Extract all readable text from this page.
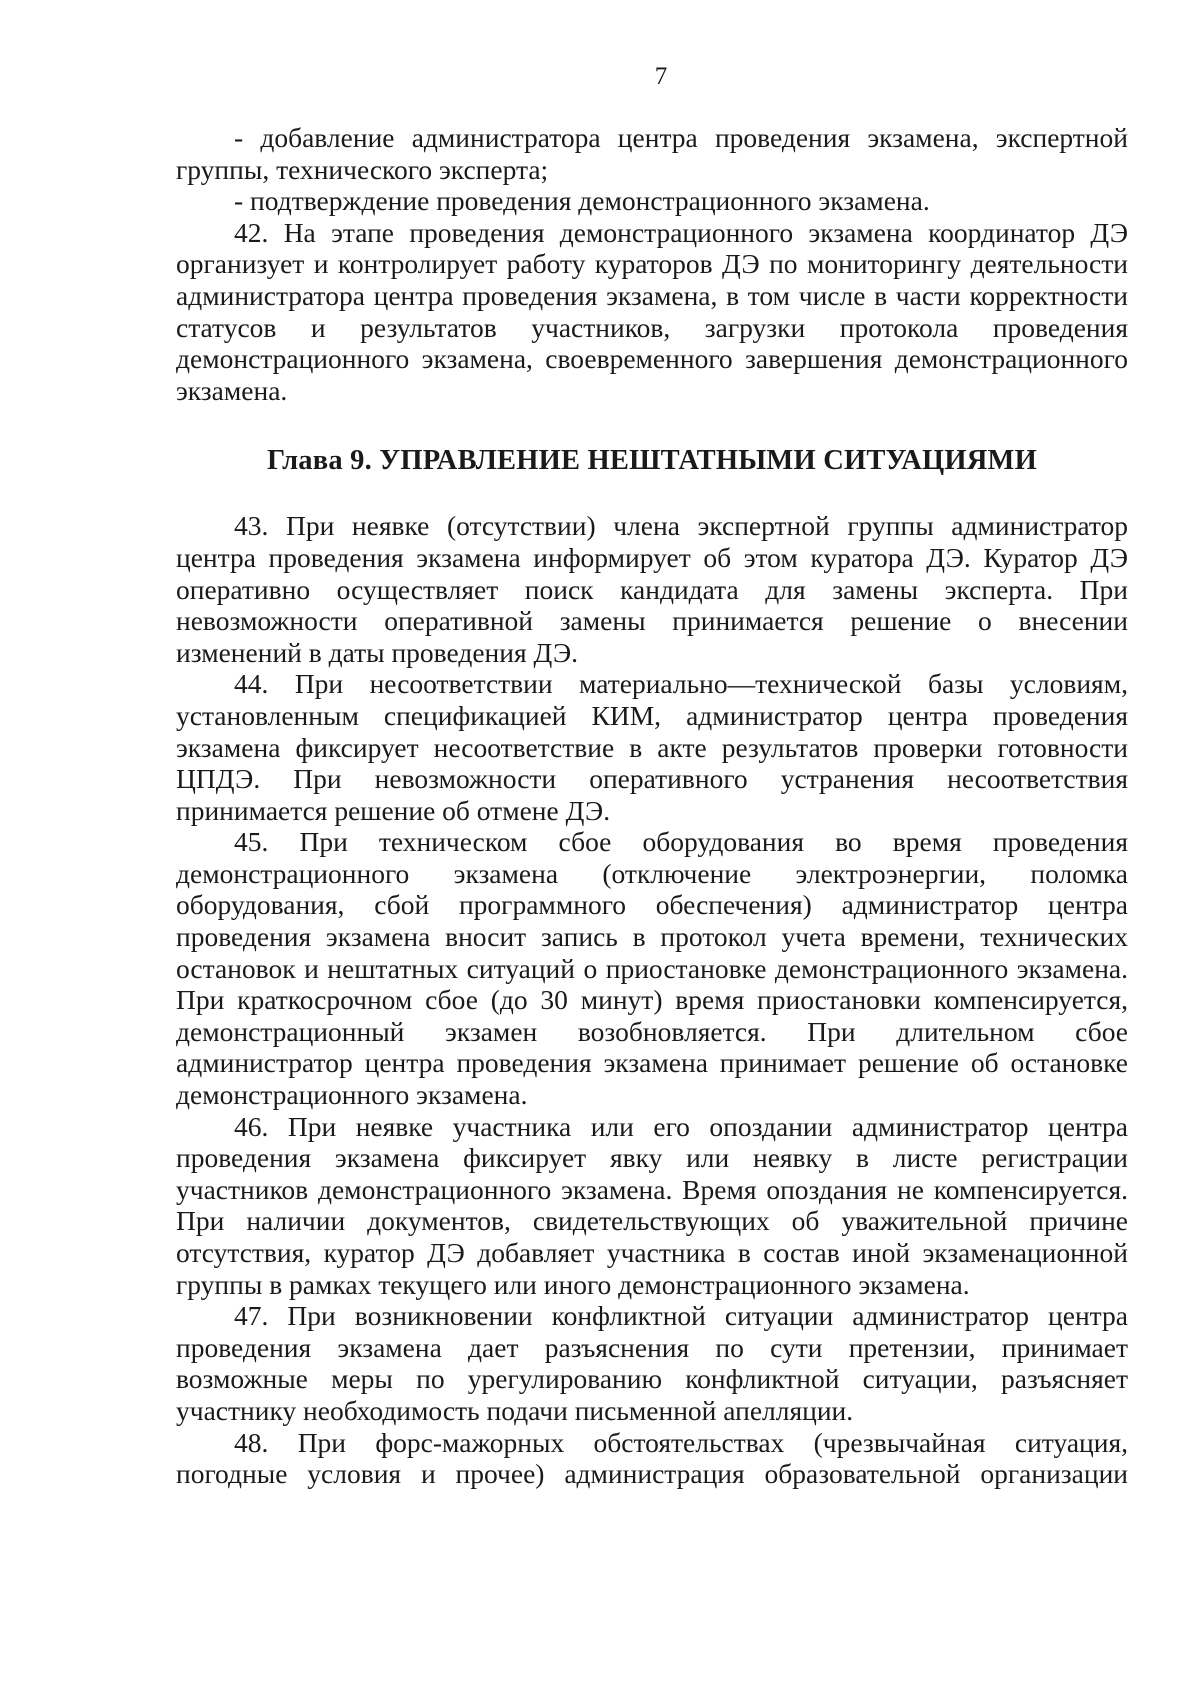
7

- добавление администратора центра проведения экзамена, экспертной группы, технического эксперта;

- подтверждение проведения демонстрационного экзамена.

42. На этапе проведения демонстрационного экзамена координатор ДЭ организует и контролирует работу кураторов ДЭ по мониторингу деятельности администратора центра проведения экзамена, в том числе в части корректности статусов и результатов участников, загрузки протокола проведения демонстрационного экзамена, своевременного завершения демонстрационного экзамена.

Глава 9. УПРАВЛЕНИЕ НЕШТАТНЫМИ СИТУАЦИЯМИ

43. При неявке (отсутствии) члена экспертной группы администратор центра проведения экзамена информирует об этом куратора ДЭ. Куратор ДЭ оперативно осуществляет поиск кандидата для замены эксперта. При невозможности оперативной замены принимается решение о внесении изменений в даты проведения ДЭ.

44. При несоответствии материально—технической базы условиям, установленным спецификацией КИМ, администратор центра проведения экзамена фиксирует несоответствие в акте результатов проверки готовности ЦПДЭ. При невозможности оперативного устранения несоответствия принимается решение об отмене ДЭ.

45. При техническом сбое оборудования во время проведения демонстрационного экзамена (отключение электроэнергии, поломка оборудования, сбой программного обеспечения) администратор центра проведения экзамена вносит запись в протокол учета времени, технических остановок и нештатных ситуаций о приостановке демонстрационного экзамена. При краткосрочном сбое (до 30 минут) время приостановки компенсируется, демонстрационный экзамен возобновляется. При длительном сбое администратор центра проведения экзамена принимает решение об остановке демонстрационного экзамена.

46. При неявке участника или его опоздании администратор центра проведения экзамена фиксирует явку или неявку в листе регистрации участников демонстрационного экзамена. Время опоздания не компенсируется. При наличии документов, свидетельствующих об уважительной причине отсутствия, куратор ДЭ добавляет участника в состав иной экзаменационной группы в рамках текущего или иного демонстрационного экзамена.

47. При возникновении конфликтной ситуации администратор центра проведения экзамена дает разъяснения по сути претензии, принимает возможные меры по урегулированию конфликтной ситуации, разъясняет участнику необходимость подачи письменной апелляции.

48. При форс-мажорных обстоятельствах (чрезвычайная ситуация, погодные условия и прочее) администрация образовательной организации
